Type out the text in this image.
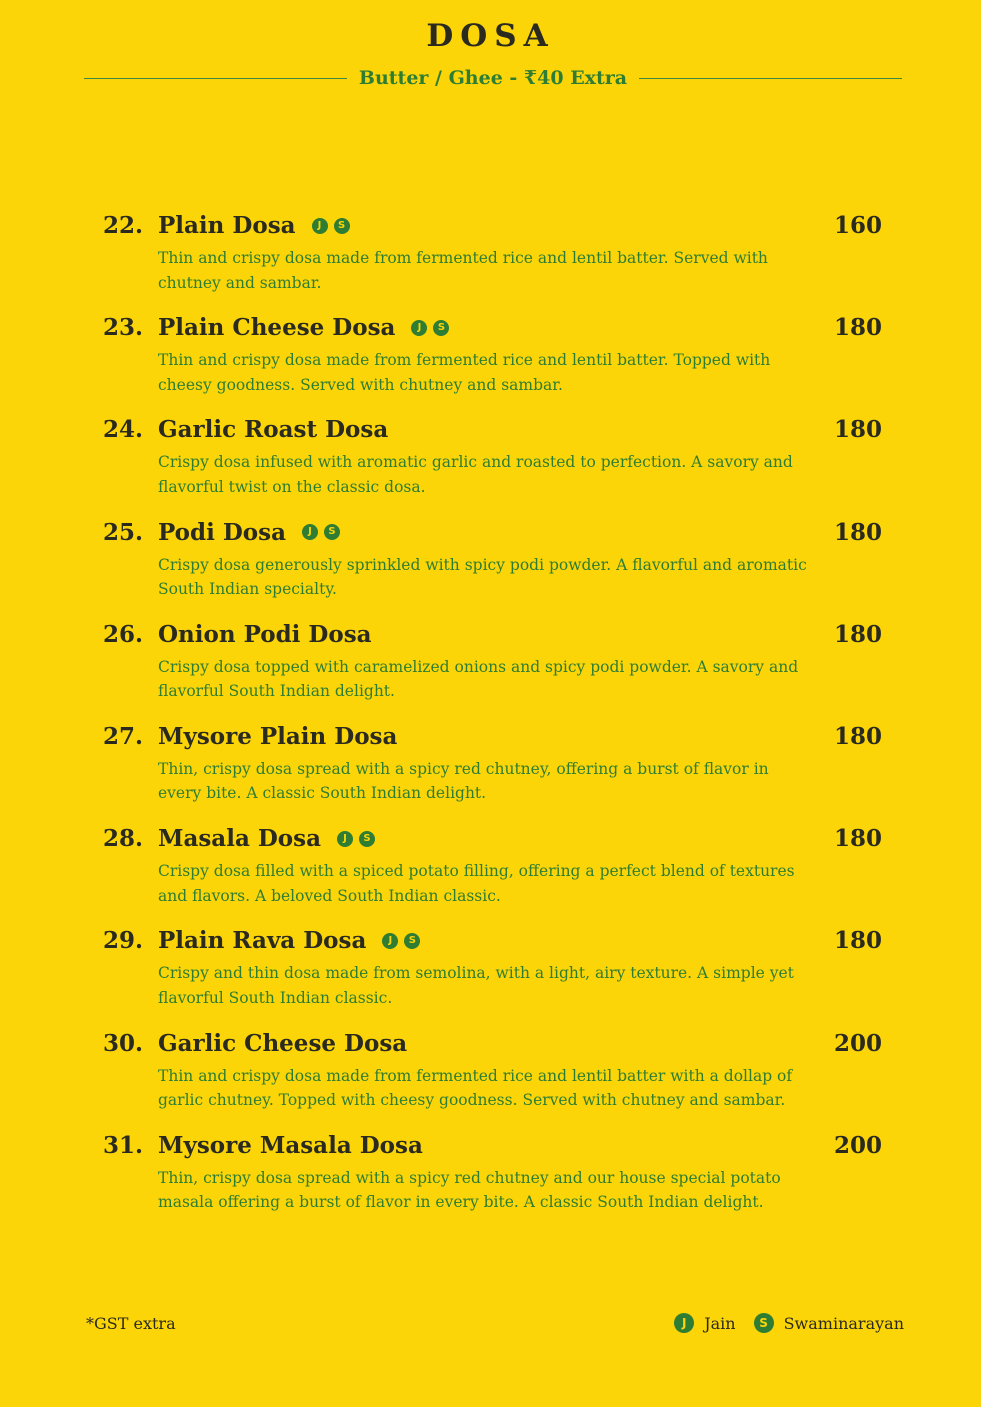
DOSA
Butter / Ghee - ₹40 Extra
22. Plain Dosa	J	S	160
Thin and crispy dosa made from fermented rice and lentil batter. Served with chutney and sambar.
23. Plain Cheese Dosa	J	S	180
Thin and crispy dosa made from fermented rice and lentil batter. Topped with cheesy goodness. Served with chutney and sambar.
24. Garlic Roast Dosa	180
Crispy dosa infused with aromatic garlic and roasted to perfection. A savory and flavorful twist on the classic dosa.
25. Podi Dosa	J	S	180
Crispy dosa generously sprinkled with spicy podi powder. A flavorful and aromatic South Indian specialty.
26. Onion Podi Dosa	180
Crispy dosa topped with caramelized onions and spicy podi powder. A savory and flavorful South Indian delight.
27. Mysore Plain Dosa	180
Thin, crispy dosa spread with a spicy red chutney, offering a burst of flavor in every bite. A classic South Indian delight.
28. Masala Dosa	J	S	180
Crispy dosa filled with a spiced potato filling, offering a perfect blend of textures and flavors. A beloved South Indian classic.
29. Plain Rava Dosa	J	S	180
Crispy and thin dosa made from semolina, with a light, airy texture. A simple yet flavorful South Indian classic.
30. Garlic Cheese Dosa	200
Thin and crispy dosa made from fermented rice and lentil batter with a dollap of garlic chutney. Topped with cheesy goodness. Served with chutney and sambar.
31. Mysore Masala Dosa	200
Thin, crispy dosa spread with a spicy red chutney and our house special potato masala offering a burst of flavor in every bite. A classic South Indian delight.
*GST extra	J	Jain	S Swaminarayan
